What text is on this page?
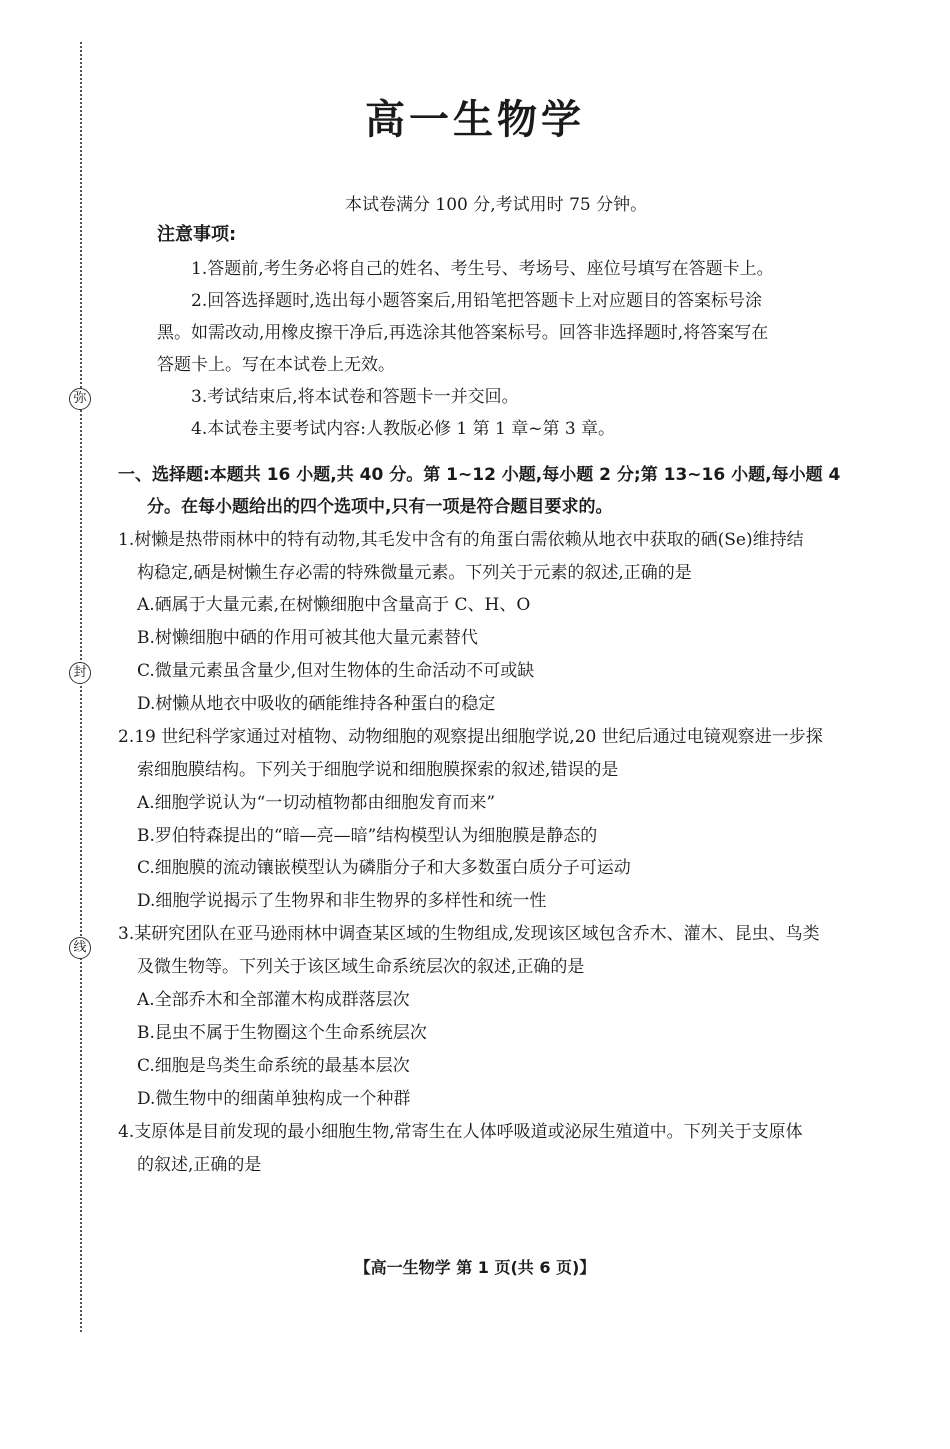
弥
封
线
高一生物学
本试卷满分 100 分,考试用时 75 分钟。
注意事项:
1.答题前,考生务必将自己的姓名、考生号、考场号、座位号填写在答题卡上。
2.回答选择题时,选出每小题答案后,用铅笔把答题卡上对应题目的答案标号涂
黑。如需改动,用橡皮擦干净后,再选涂其他答案标号。回答非选择题时,将答案写在
答题卡上。写在本试卷上无效。
3.考试结束后,将本试卷和答题卡一并交回。
4.本试卷主要考试内容:人教版必修 1 第 1 章~第 3 章。
一、选择题:本题共 16 小题,共 40 分。第 1~12 小题,每小题 2 分;第 13~16 小题,每小题 4
分。在每小题给出的四个选项中,只有一项是符合题目要求的。
1.树懒是热带雨林中的特有动物,其毛发中含有的角蛋白需依赖从地衣中获取的硒(Se)维持结
构稳定,硒是树懒生存必需的特殊微量元素。下列关于元素的叙述,正确的是
A.硒属于大量元素,在树懒细胞中含量高于 C、H、O
B.树懒细胞中硒的作用可被其他大量元素替代
C.微量元素虽含量少,但对生物体的生命活动不可或缺
D.树懒从地衣中吸收的硒能维持各种蛋白的稳定
2.19 世纪科学家通过对植物、动物细胞的观察提出细胞学说,20 世纪后通过电镜观察进一步探
索细胞膜结构。下列关于细胞学说和细胞膜探索的叙述,错误的是
A.细胞学说认为“一切动植物都由细胞发育而来”
B.罗伯特森提出的“暗—亮—暗”结构模型认为细胞膜是静态的
C.细胞膜的流动镶嵌模型认为磷脂分子和大多数蛋白质分子可运动
D.细胞学说揭示了生物界和非生物界的多样性和统一性
3.某研究团队在亚马逊雨林中调查某区域的生物组成,发现该区域包含乔木、灌木、昆虫、鸟类
及微生物等。下列关于该区域生命系统层次的叙述,正确的是
A.全部乔木和全部灌木构成群落层次
B.昆虫不属于生物圈这个生命系统层次
C.细胞是鸟类生命系统的最基本层次
D.微生物中的细菌单独构成一个种群
4.支原体是目前发现的最小细胞生物,常寄生在人体呼吸道或泌尿生殖道中。下列关于支原体
的叙述,正确的是
【高一生物学 第 1 页(共 6 页)】
